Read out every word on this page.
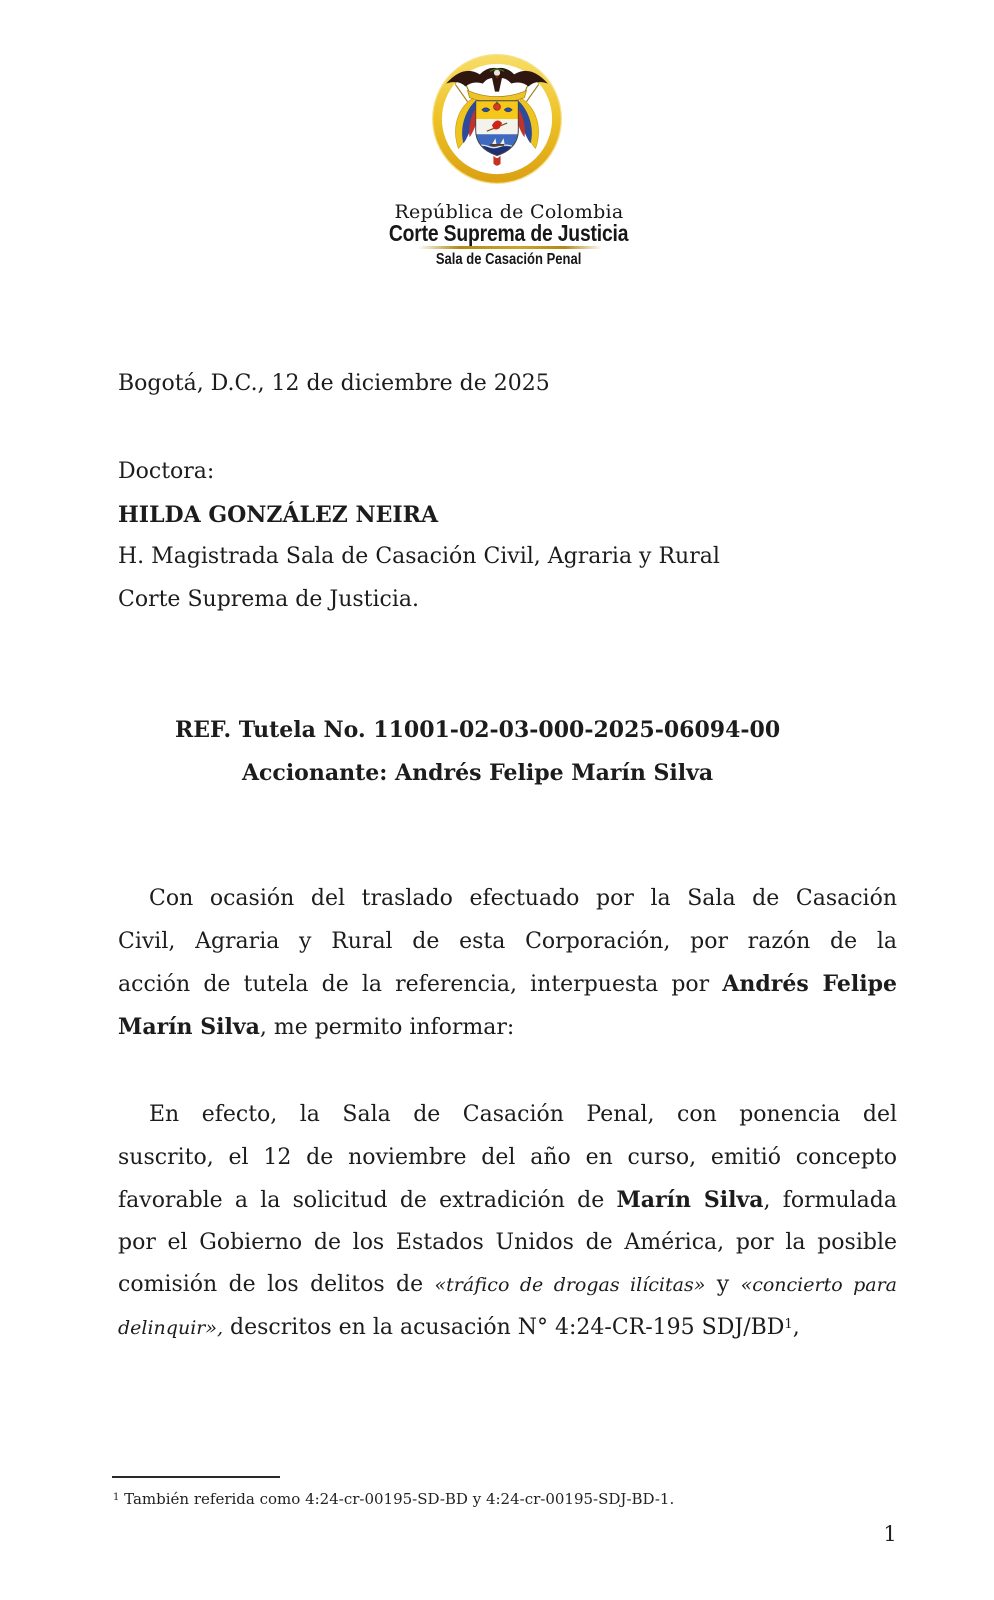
República de Colombia
Corte Suprema de Justicia
Sala de Casación Penal
Bogotá, D.C., 12 de diciembre de 2025
Doctora:
HILDA GONZÁLEZ NEIRA
H. Magistrada Sala de Casación Civil, Agraria y Rural
Corte Suprema de Justicia.
REF. Tutela No. 11001-02-03-000-2025-06094-00
Accionante: Andrés Felipe Marín Silva
Con ocasión del traslado efectuado por la Sala de Casación
Civil, Agraria y Rural de esta Corporación, por razón de la
acción de tutela de la referencia, interpuesta por Andrés Felipe
Marín Silva, me permito informar:
En efecto, la Sala de Casación Penal, con ponencia del
suscrito, el 12 de noviembre del año en curso, emitió concepto
favorable a la solicitud de extradición de Marín Silva, formulada
por el Gobierno de los Estados Unidos de América, por la posible
comisión de los delitos de «tráfico de drogas ilícitas» y «concierto para
delinquir», descritos en la acusación N° 4:24-CR-195 SDJ/$BD^1$,
$^1$ También referida como 4:24-cr-00195-SD-BD y 4:24-cr-00195-SDJ-BD-1.
1
